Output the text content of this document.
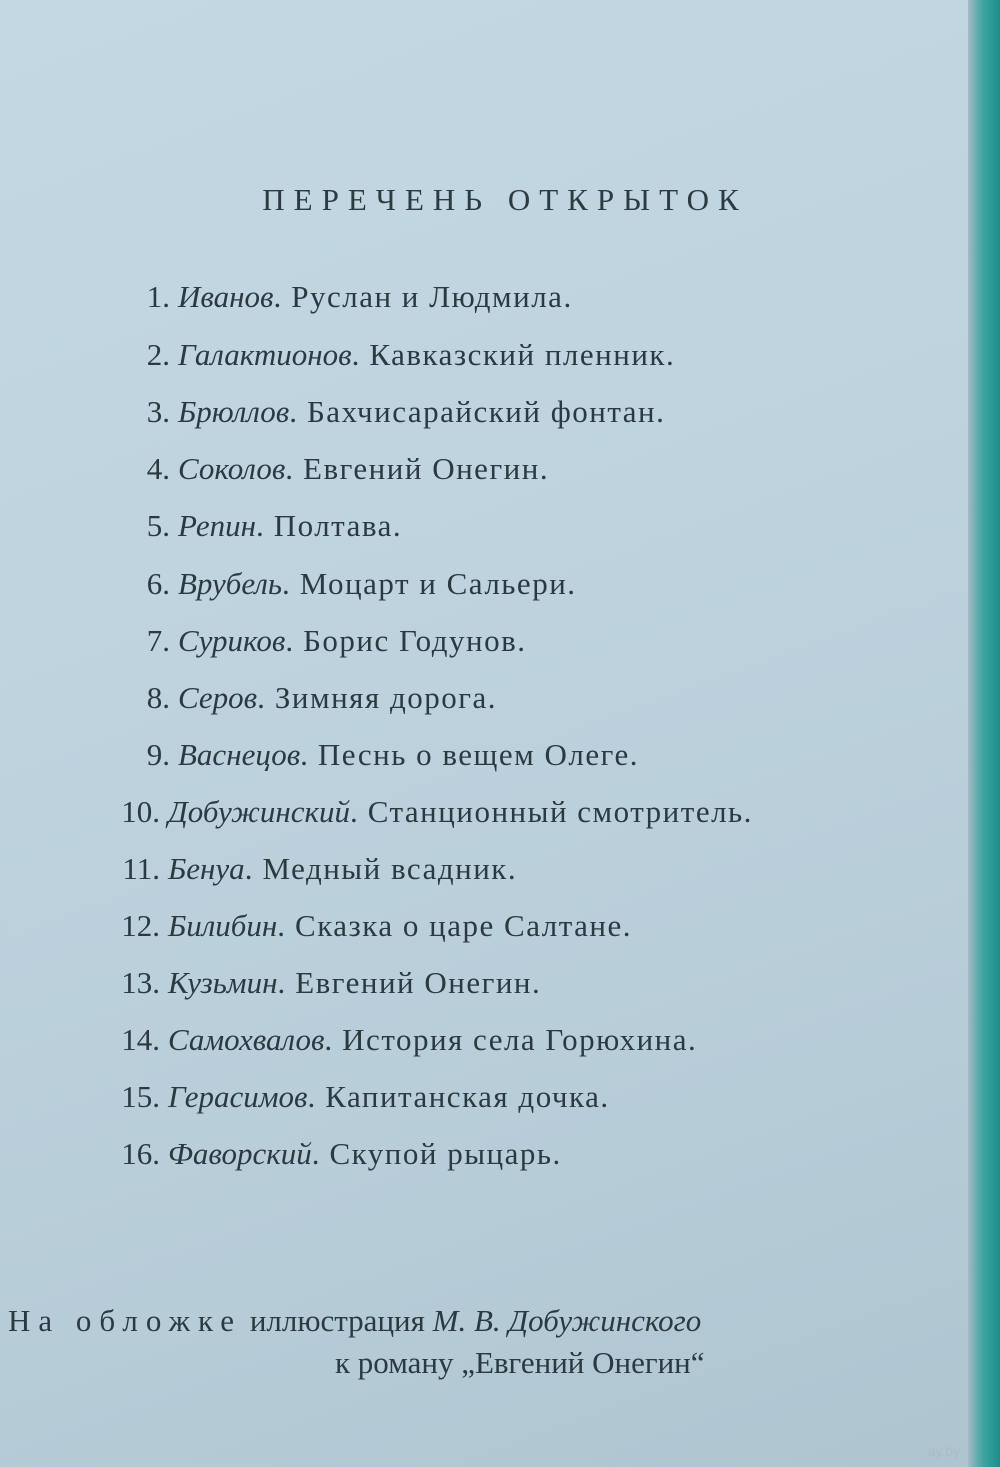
ПЕРЕЧЕНЬ ОТКРЫТОК
1. Иванов. Руслан и Людмила.
2. Галактионов. Кавказский пленник.
3. Брюллов. Бахчисарайский фонтан.
4. Соколов. Евгений Онегин.
5. Репин. Полтава.
6. Врубель. Моцарт и Сальери.
7. Суриков. Борис Годунов.
8. Серов. Зимняя дорога.
9. Васнецов. Песнь о вещем Олеге.
10. Добужинский. Станционный смотритель.
11. Бенуа. Медный всадник.
12. Билибин. Сказка о царе Салтане.
13. Кузьмин. Евгений Онегин.
14. Самохвалов. История села Горюхина.
15. Герасимов. Капитанская дочка.
16. Фаворский. Скупой рыцарь.
На обложке иллюстрация М. В. Добужинского
к роману „Евгений Онегин“
ay.by
